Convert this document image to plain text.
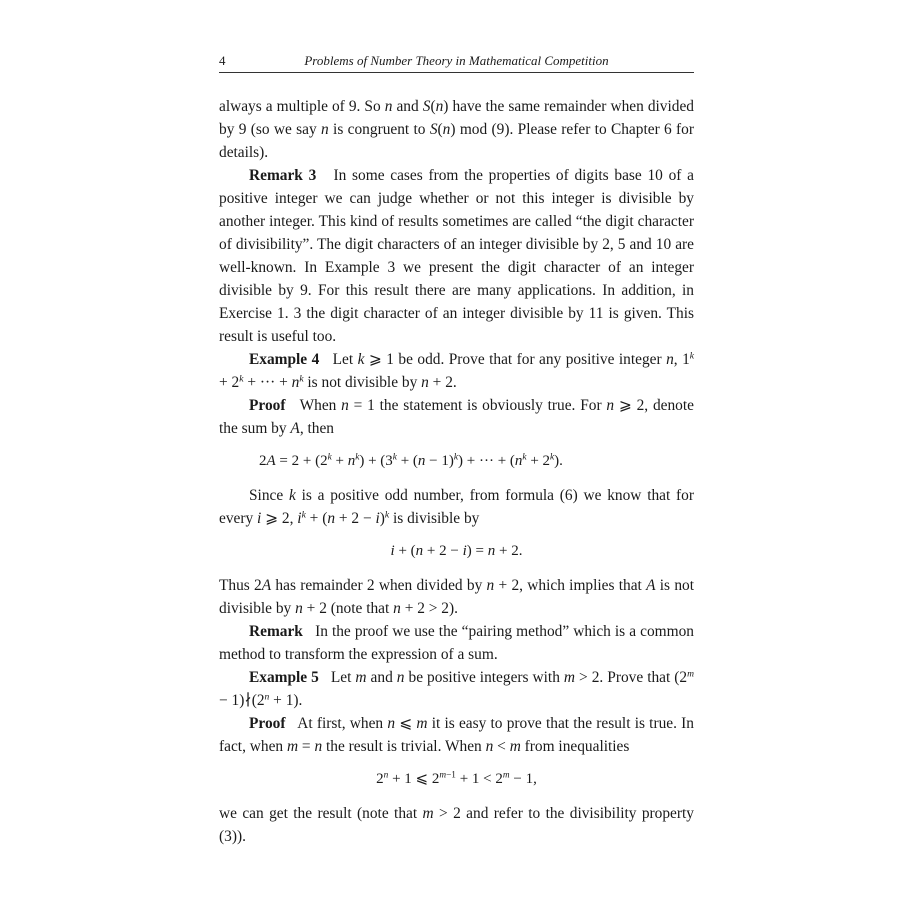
4	Problems of Number Theory in Mathematical Competition

always a multiple of 9. So n and S(n) have the same remainder when divided by 9 (so we say n is congruent to S(n) mod (9). Please refer to Chapter 6 for details).

Remark 3 In some cases from the properties of digits base 10 of a positive integer we can judge whether or not this integer is divisible by another integer. This kind of results sometimes are called “the digit character of divisibility”. The digit characters of an integer divisible by 2, 5 and 10 are well-known. In Example 3 we present the digit character of an integer divisible by 9. For this result there are many applications. In addition, in Exercise 1. 3 the digit character of an integer divisible by 11 is given. This result is useful too.

Example 4   Let k ⩾ 1 be odd. Prove that for any positive integer n, $1^k + 2^k$ + ··· + $n^k$ is not divisible by n + 2.

Proof   When n = 1 the statement is obviously true. For n ⩾ 2, denote the sum by A, then

$2A = 2 + (2^k + n^k) + (3^k + (n - 1)^k)$ + ··· + $(n^k + 2^k)$.

Since k is a positive odd number, from formula (6) we know that for every i ⩾ 2, $i^k + (n + 2 - i)^k$ is divisible by

i + (n + 2 − i) = n + 2.

Thus 2A has remainder 2 when divided by n + 2, which implies that A is not divisible by n + 2 (note that n + 2 > 2).

Remark In the proof we use the “pairing method” which is a common method to transform the expression of a sum.

Example 5   Let m and n be positive integers with m > 2. Prove that ($2^m$ − $1)∤(2^n + 1)$.

Proof   At first, when n ⩽ m it is easy to prove that the result is true. In fact, when m = n the result is trivial. When n < m from inequalities

$2^n + 1$ ⩽ $2^{m-1} + 1 < 2^m - 1$,

we can get the result (note that m > 2 and refer to the divisibility property (3)).
